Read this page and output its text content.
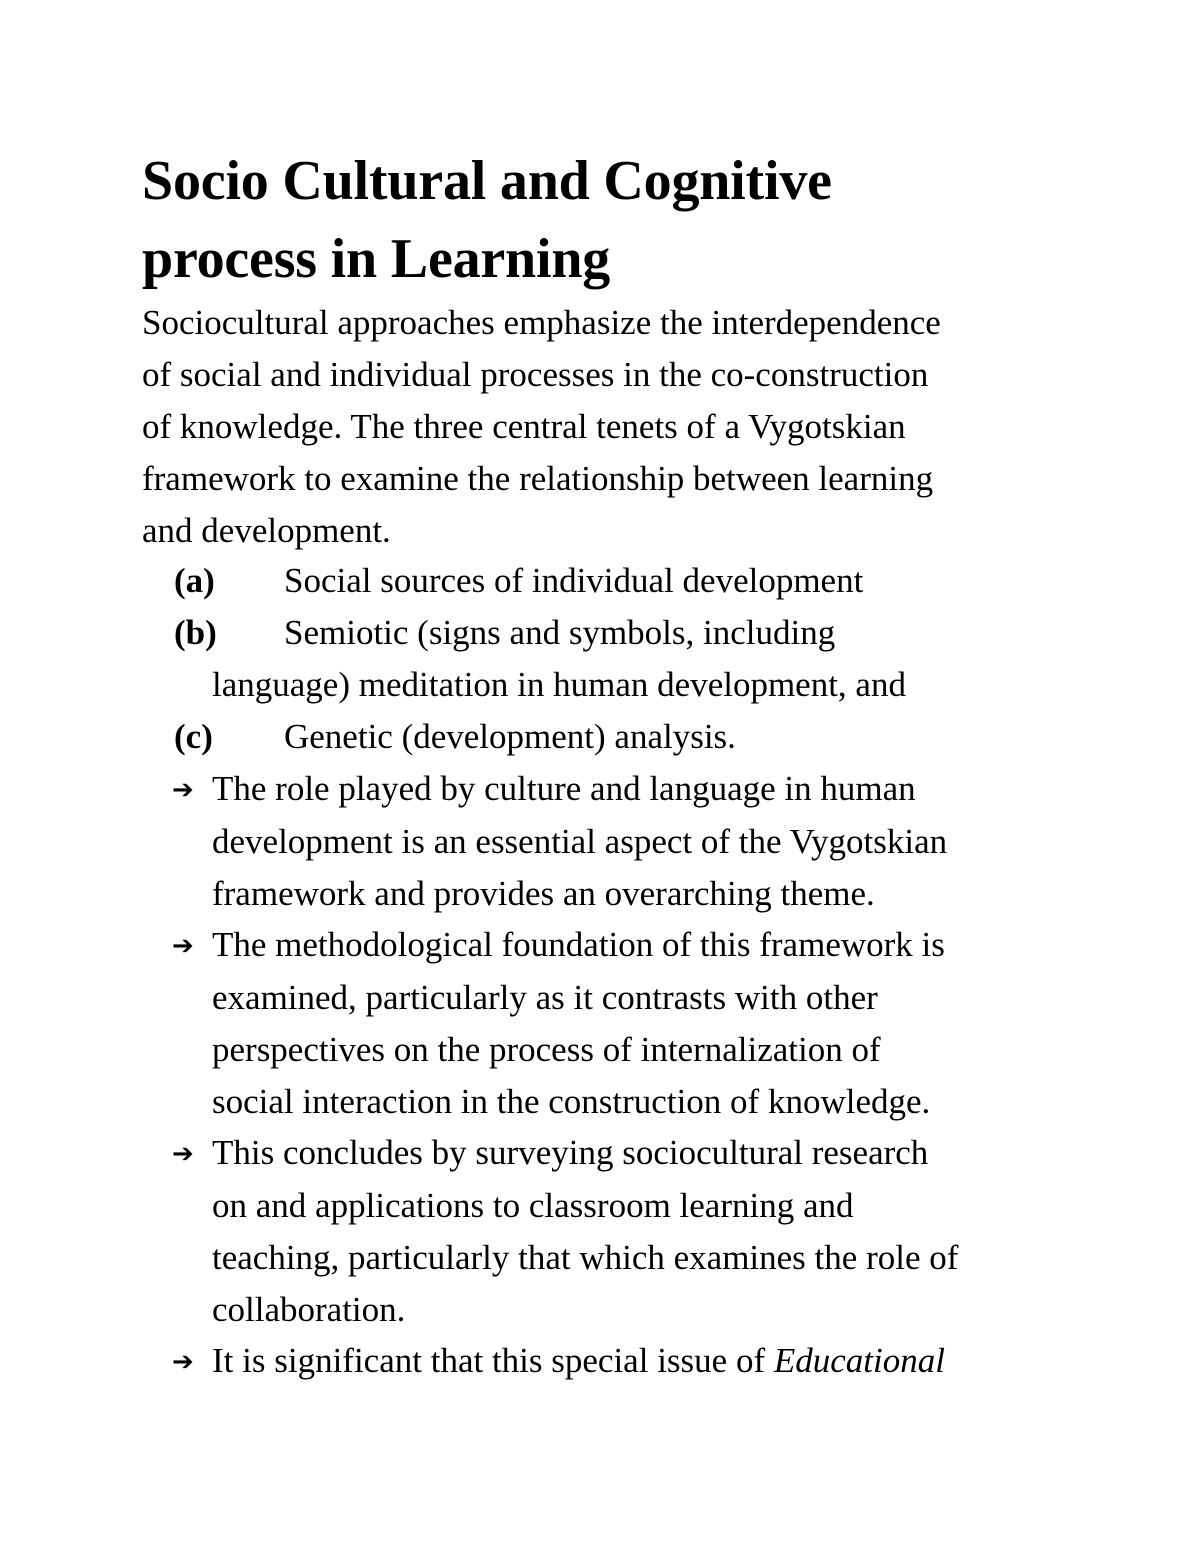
Socio Cultural and Cognitive
process in Learning

Sociocultural approaches emphasize the interdependence
of social and individual processes in the co-construction
of knowledge. The three central tenets of a Vygotskian
framework to examine the relationship between learning
and development.

(a) Social sources of individual development

(b) Semiotic (signs and symbols, including
language) meditation in human development, and

(c) Genetic (development) analysis.

➔ The role played by culture and language in human
development is an essential aspect of the Vygotskian
framework and provides an overarching theme.
➔ The methodological foundation of this framework is
examined, particularly as it contrasts with other
perspectives on the process of internalization of
social interaction in the construction of knowledge.
➔ This concludes by surveying sociocultural research
on and applications to classroom learning and
teaching, particularly that which examines the role of
collaboration.
➔ It is significant that this special issue of Educational
